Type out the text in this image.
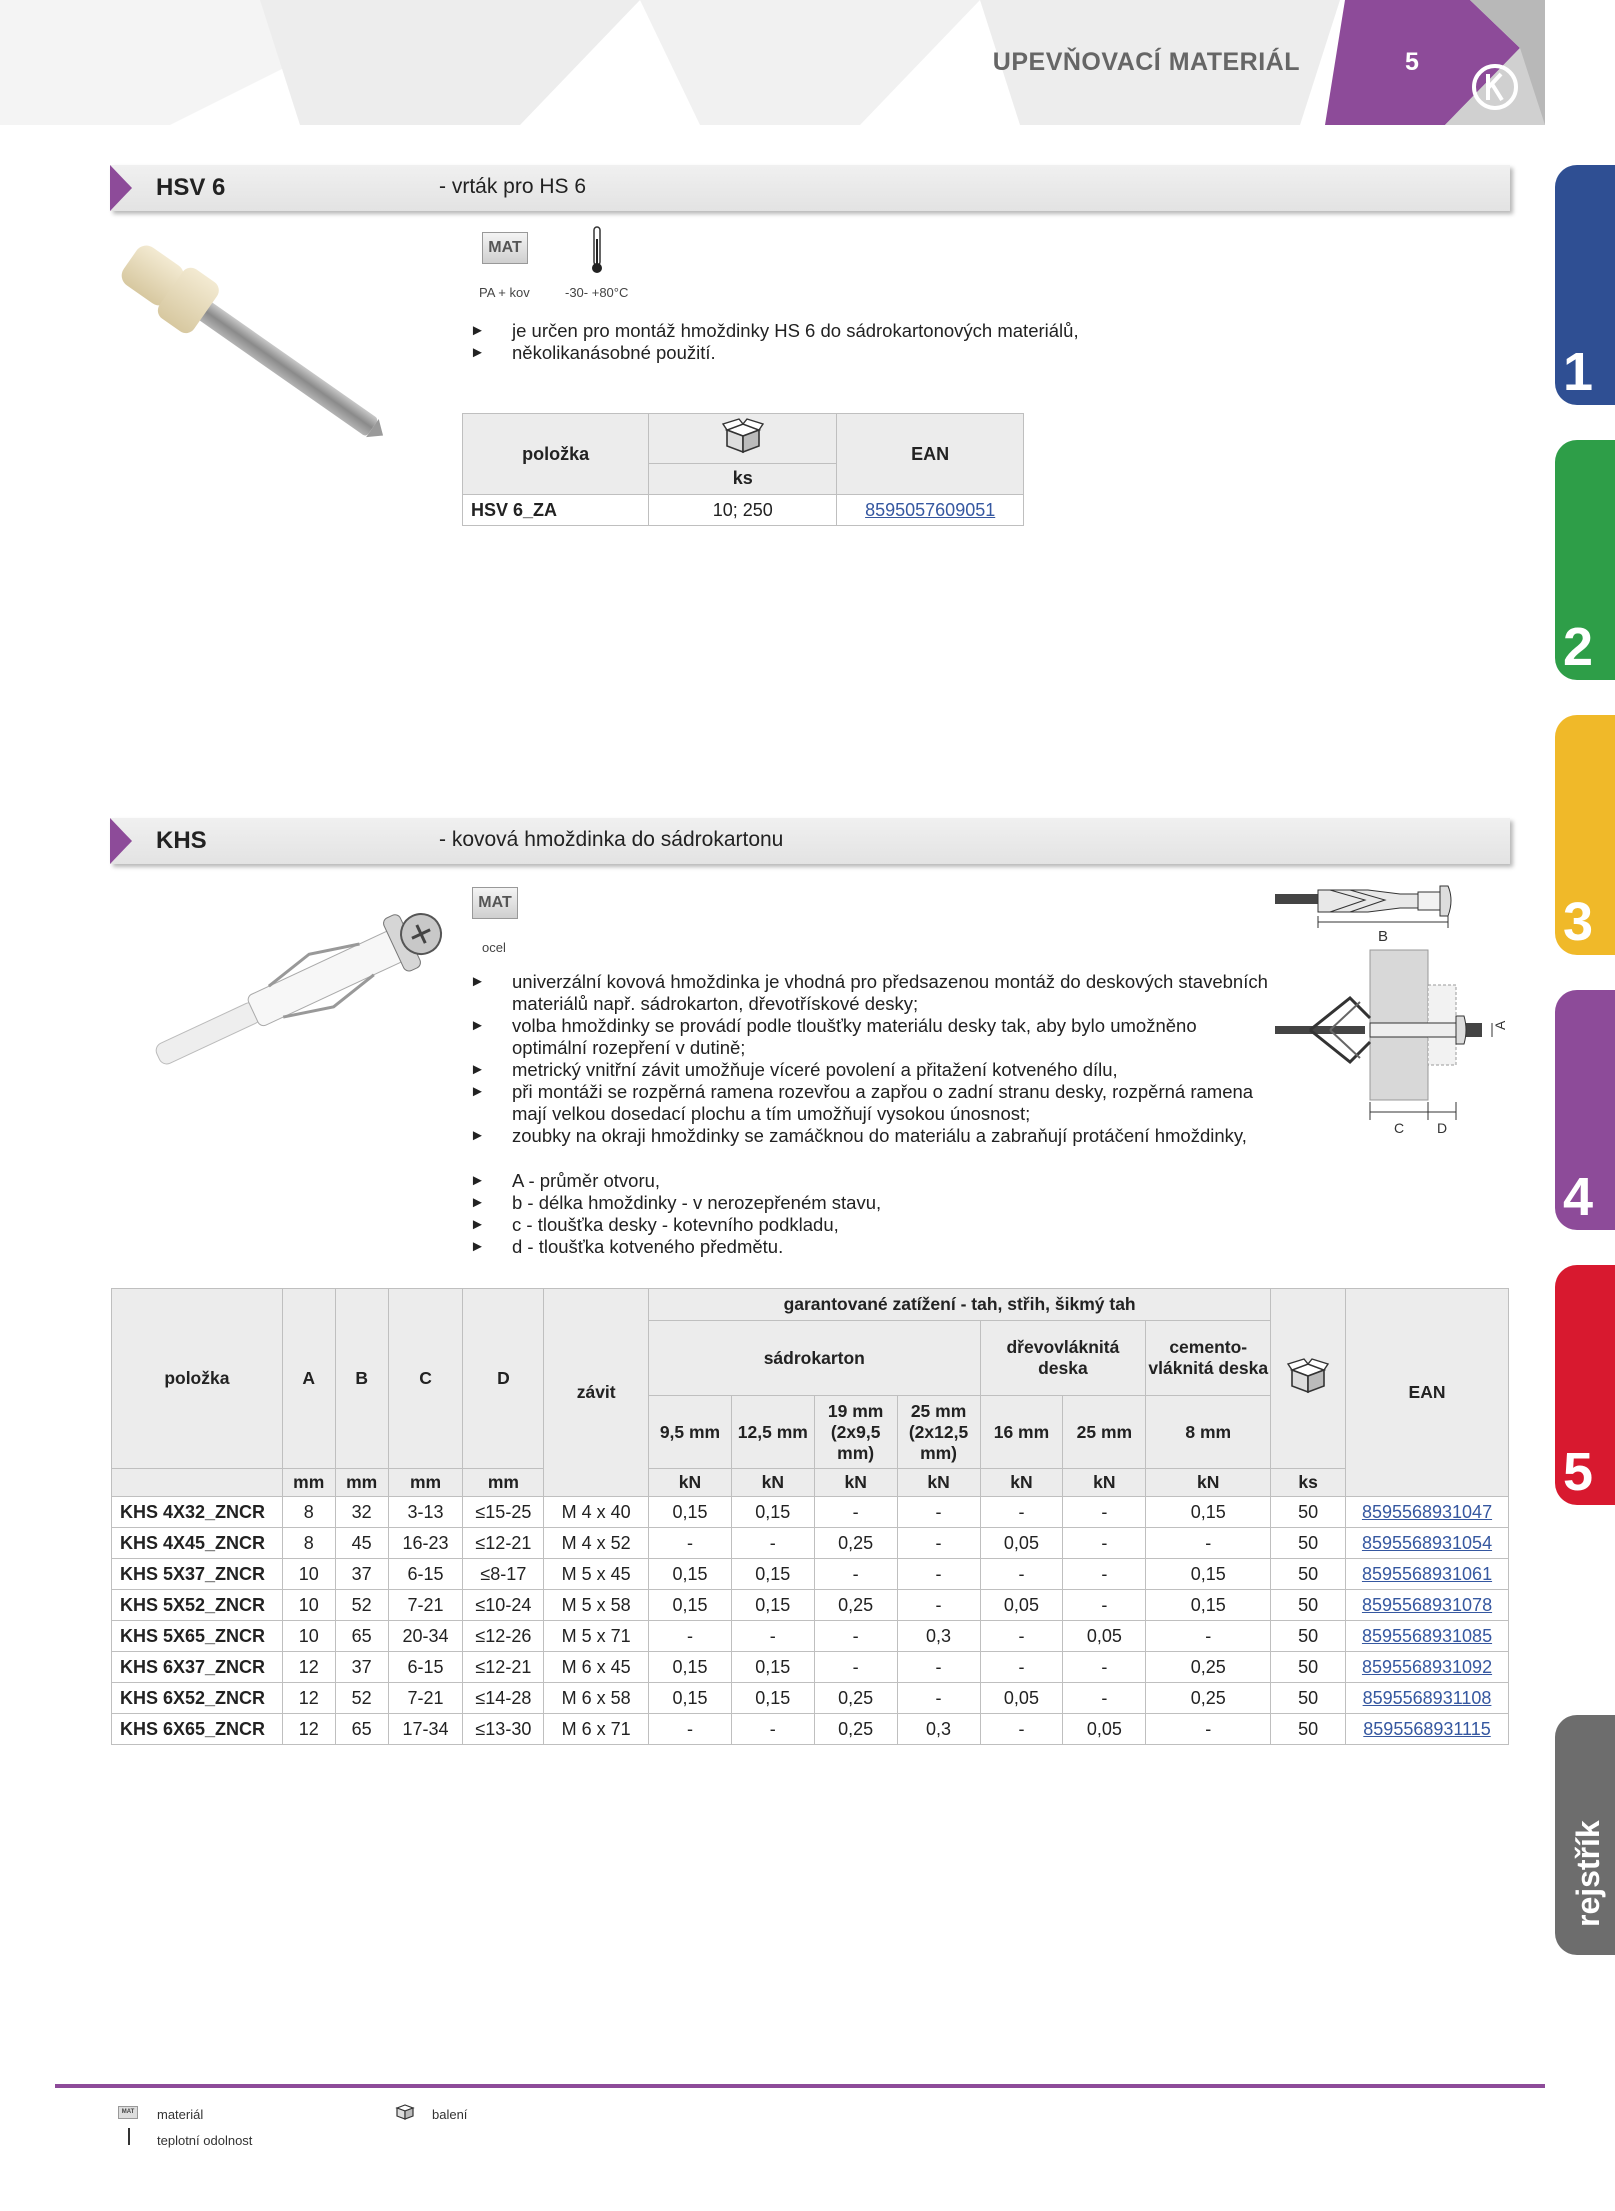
UPEVŇOVACÍ MATERIÁL	5
1
2
3
4
5
rejstřík
HSV 6	- vrták pro HS 6
MAT
PA + kov	-30- +80°C
► je určen pro montáž hmoždinky HS 6 do sádrokartonových materiálů,
► několikanásobné použití.
položka		EAN
	ks	
HSV 6_ZA	10; 250	8595057609051
KHS	- kovová hmoždinka do sádrokartonu
MAT
ocel
► univerzální kovová hmoždinka je vhodná pro předsazenou montáž do deskových stavebních materiálů např. sádrokarton, dřevotřískové desky;
► volba hmoždinky se provádí podle tloušťky materiálu desky tak, aby bylo umožněno optimální rozepření v dutině;
► metrický vnitřní závit umožňuje víceré povolení a přitažení kotveného dílu,
► při montáži se rozpěrná ramena rozevřou a zapřou o zadní stranu desky, rozpěrná ramena mají velkou dosedací plochu a tím umožňují vysokou únosnost;
► zoubky na okraji hmoždinky se zamáčknou do materiálu a zabraňují protáčení hmoždinky,
► A - průměr otvoru,
► b - délka hmoždinky - v nerozepřeném stavu,
► c - tloušťka desky - kotevního podkladu,
► d - tloušťka kotveného předmětu.
B
A
C D
položka	A	B	C	D	závit	garantované zatížení - tah, střih, šikmý tah								EAN
						sádrokarton				dřevovláknitá deska		cemento-vláknitá deska		
						9,5 mm	12,5 mm	19 mm (2x9,5 mm)	25 mm (2x12,5 mm)	16 mm	25 mm	8 mm		
	mm	mm	mm	mm		kN	kN	kN	kN	kN	kN	kN	ks	
KHS 4X32_ZNCR	8	32	3-13	≤15-25	M 4 x 40	0,15	0,15	-	-	-	-	0,15	50	8595568931047
KHS 4X45_ZNCR	8	45	16-23	≤12-21	M 4 x 52	-	-	0,25	-	0,05	-	-	50	8595568931054
KHS 5X37_ZNCR	10	37	6-15	≤8-17	M 5 x 45	0,15	0,15	-	-	-	-	0,15	50	8595568931061
KHS 5X52_ZNCR	10	52	7-21	≤10-24	M 5 x 58	0,15	0,15	0,25	-	0,05	-	0,15	50	8595568931078
KHS 5X65_ZNCR	10	65	20-34	≤12-26	M 5 x 71	-	-	-	0,3	-	0,05	-	50	8595568931085
KHS 6X37_ZNCR	12	37	6-15	≤12-21	M 6 x 45	0,15	0,15	-	-	-	-	0,25	50	8595568931092
KHS 6X52_ZNCR	12	52	7-21	≤14-28	M 6 x 58	0,15	0,15	0,25	-	0,05	-	0,25	50	8595568931108
KHS 6X65_ZNCR	12	65	17-34	≤13-30	M 6 x 71	-	-	0,25	0,3	-	0,05	-	50	8595568931115
MAT materiál
teplotní odolnost
balení
